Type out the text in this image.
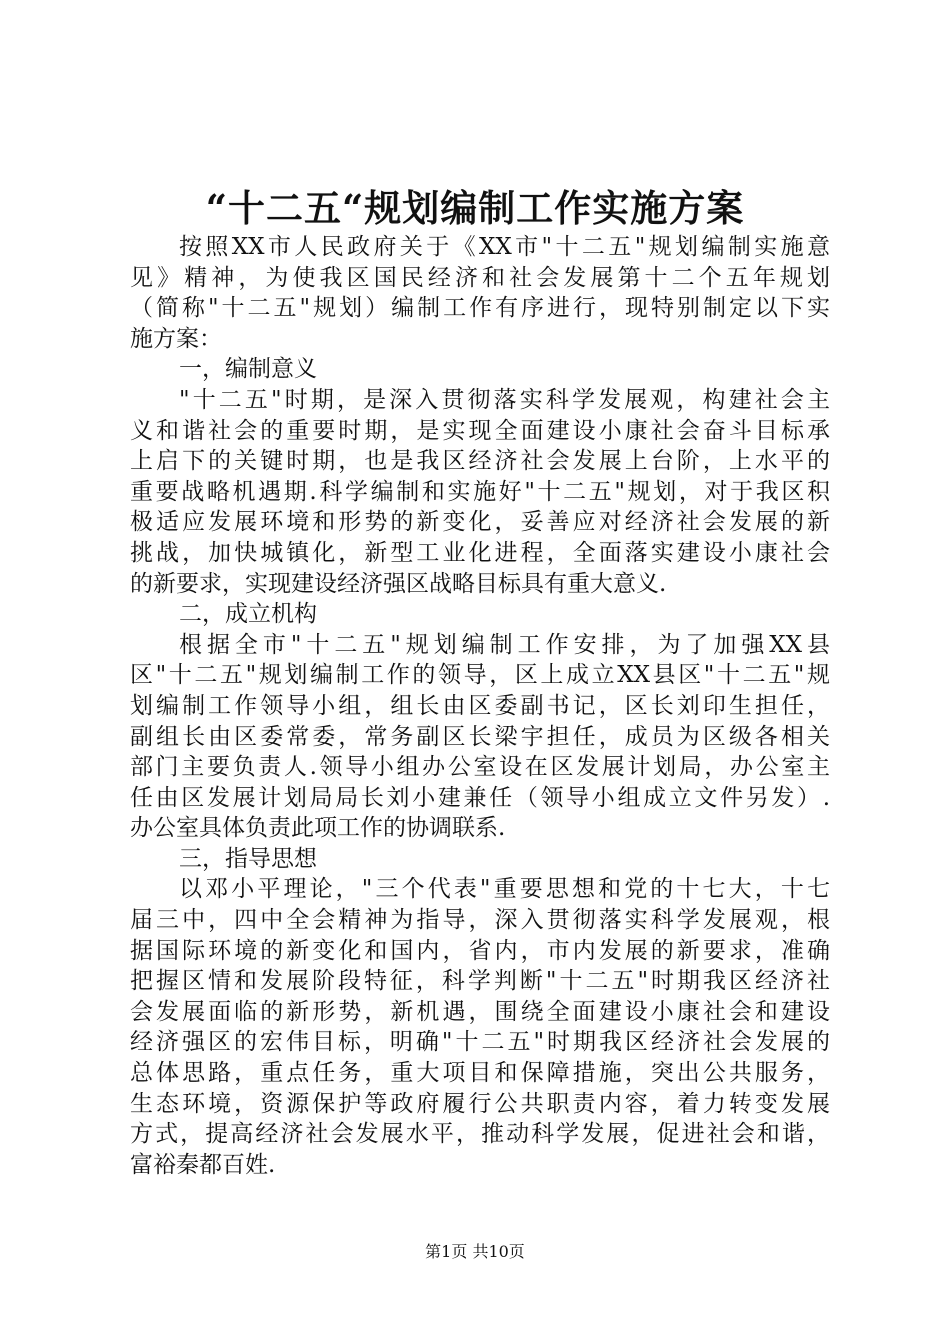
“十二五“规划编制工作实施方案
按照XX市人民政府关于《XX市"十二五"规划编制实施意
见》精神，为使我区国民经济和社会发展第十二个五年规划
（简称"十二五"规划）编制工作有序进行，现特别制定以下实
施方案：
一，编制意义
"十二五"时期，是深入贯彻落实科学发展观，构建社会主
义和谐社会的重要时期，是实现全面建设小康社会奋斗目标承
上启下的关键时期，也是我区经济社会发展上台阶，上水平的
重要战略机遇期.科学编制和实施好"十二五"规划，对于我区积
极适应发展环境和形势的新变化，妥善应对经济社会发展的新
挑战，加快城镇化，新型工业化进程，全面落实建设小康社会
的新要求，实现建设经济强区战略目标具有重大意义.
二，成立机构
根据全市"十二五"规划编制工作安排，为了加强XX县
区"十二五"规划编制工作的领导，区上成立XX县区"十二五"规
划编制工作领导小组，组长由区委副书记，区长刘印生担任，
副组长由区委常委，常务副区长梁宇担任，成员为区级各相关
部门主要负责人.领导小组办公室设在区发展计划局，办公室主
任由区发展计划局局长刘小建兼任（领导小组成立文件另发）.
办公室具体负责此项工作的协调联系.
三，指导思想
以邓小平理论，"三个代表"重要思想和党的十七大，十七
届三中，四中全会精神为指导，深入贯彻落实科学发展观，根
据国际环境的新变化和国内，省内，市内发展的新要求，准确
把握区情和发展阶段特征，科学判断"十二五"时期我区经济社
会发展面临的新形势，新机遇，围绕全面建设小康社会和建设
经济强区的宏伟目标，明确"十二五"时期我区经济社会发展的
总体思路，重点任务，重大项目和保障措施，突出公共服务，
生态环境，资源保护等政府履行公共职责内容，着力转变发展
方式，提高经济社会发展水平，推动科学发展，促进社会和谐，
富裕秦都百姓.
第1页 共10页
